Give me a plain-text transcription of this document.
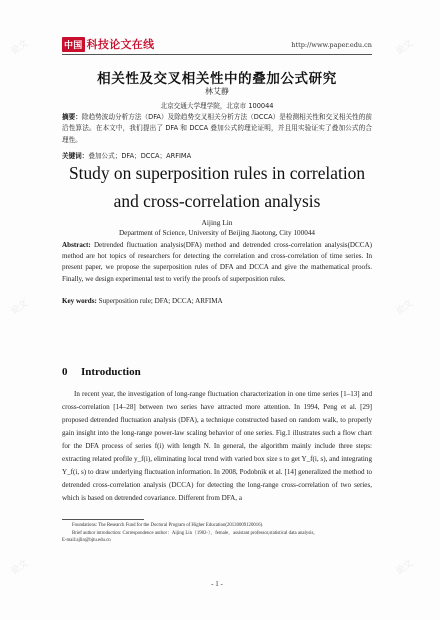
论文	论文
论文	论文
论文	论文
中国 科技论文在线	http://www.paper.edu.cn
相关性及交叉相关性中的叠加公式研究
林艾静
北京交通大学理学院，北京市 100044
摘要：除趋势波动分析方法（DFA）及除趋势交叉相关分析方法（DCCA）是检测相关性和交叉相关性的前沿性算法。在本文中，我们提出了 DFA 和 DCCA 叠加公式的理论证明，并且用实验证实了叠加公式的合理性。
关键词：叠加公式；DFA；DCCA；ARFIMA
Study on superposition rules in correlation and cross-correlation analysis
Aijing Lin
Department of Science, University of Beijing Jiaotong, City 100044
Abstract: Detrended fluctuation analysis(DFA) method and detrended cross-correlation analysis(DCCA) method are hot topics of researchers for detecting the correlation and cross-correlation of time series. In present paper, we propose the superposition rules of DFA and DCCA and give the mathematical proofs. Finally, we design experimental test to verify the proofs of superposition rules.
Key words: Superposition rule; DFA; DCCA; ARFIMA
0 Introduction
In recent year, the investigation of long-range fluctuation characterization in one time series [1–13] and cross-correlation [14–28] between two series have attracted more attention. In 1994, Peng et al. [29] proposed detrended fluctuation analysis (DFA), a technique constructed based on random walk, to properly gain insight into the long-range power-law scaling behavior of one series. Fig.1 illustrates such a flow chart for the DFA process of series f(i) with length N. In general, the algorithm mainly include three steps: extracting related profile y_f(i), eliminating local trend with varied box size s to get Y_f(i, s), and integrating Y_f(i, s) to draw underlying fluctuation information. In 2008, Podobnik et al. [14] generalized the method to detrended cross-correlation analysis (DCCA) for detecting the long-range cross-correlation of two series, which is based on detrended covariance. Different from DFA, a
Foundations: The Research Fund for the Doctoral Program of Higher Education(20130009120016).
Brief author introduction: Correspondence author：Aijing Lin（1982-），female，assistant professor,statistical data analysis,
E-mail:ajlin@bjtu.edu.cn
- 1 -
